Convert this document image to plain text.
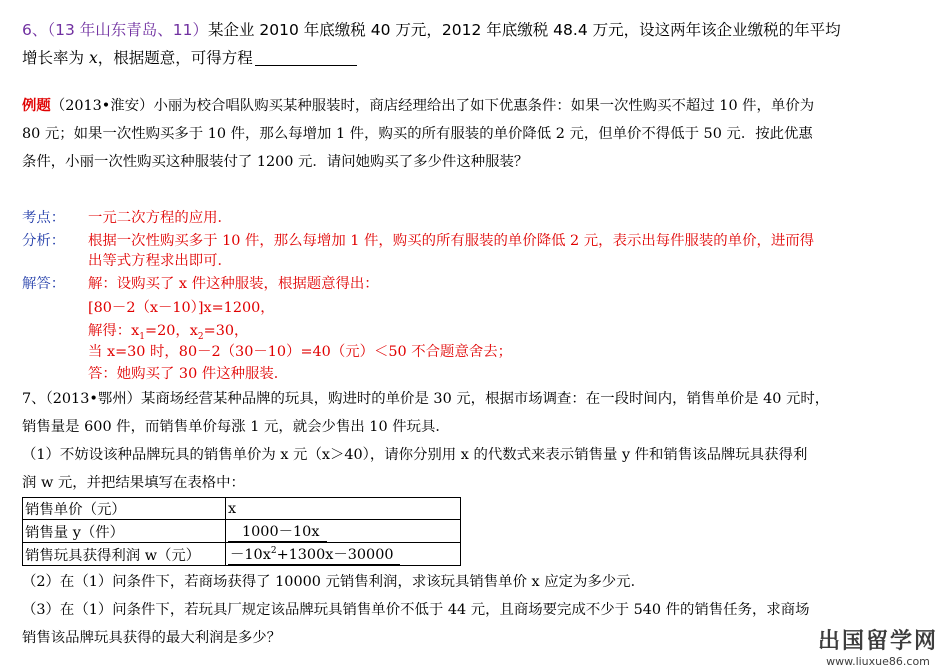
6、（13 年山东青岛、11）某企业 2010 年底缴税 40 万元，2012 年底缴税 48.4 万元，设这两年该企业缴税的年平均
增长率为 x，根据题意，可得方程
例题（2013•淮安）小丽为校合唱队购买某种服装时，商店经理给出了如下优惠条件：如果一次性购买不超过 10 件，单价为
80 元；如果一次性购买多于 10 件，那么每增加 1 件，购买的所有服装的单价降低 2 元，但单价不得低于 50 元．按此优惠
条件，小丽一次性购买这种服装付了 1200 元．请问她购买了多少件这种服装？
考点： 一元二次方程的应用．
分析： 根据一次性购买多于 10 件，那么每增加 1 件，购买的所有服装的单价降低 2 元，表示出每件服装的单价，进而得
出等式方程求出即可．
解答： 解：设购买了 x 件这种服装，根据题意得出：
[80－2（x－10）]x=1200，
解得：$x_1=20$，$x_2=30$，
当 x=30 时，80－2（30－10）=40（元）＜50 不合题意舍去；
答：她购买了 30 件这种服装．
7、（2013•鄂州）某商场经营某种品牌的玩具，购进时的单价是 30 元，根据市场调查：在一段时间内，销售单价是 40 元时，
销售量是 600 件，而销售单价每涨 1 元，就会少售出 10 件玩具．
（1）不妨设该种品牌玩具的销售单价为 x 元（x＞40），请你分别用 x 的代数式来表示销售量 y 件和销售该品牌玩具获得利
润 w 元，并把结果填写在表格中：
销售单价（元）	x
销售量 y（件）	1000－10x
销售玩具获得利润 w（元）	$-10x^2+1300x-30000$
（2）在（1）问条件下，若商场获得了 10000 元销售利润，求该玩具销售单价 x 应定为多少元．
（3）在（1）问条件下，若玩具厂规定该品牌玩具销售单价不低于 44 元，且商场要完成不少于 540 件的销售任务，求商场
销售该品牌玩具获得的最大利润是多少？	出国留学网
www.liuxue86.com
